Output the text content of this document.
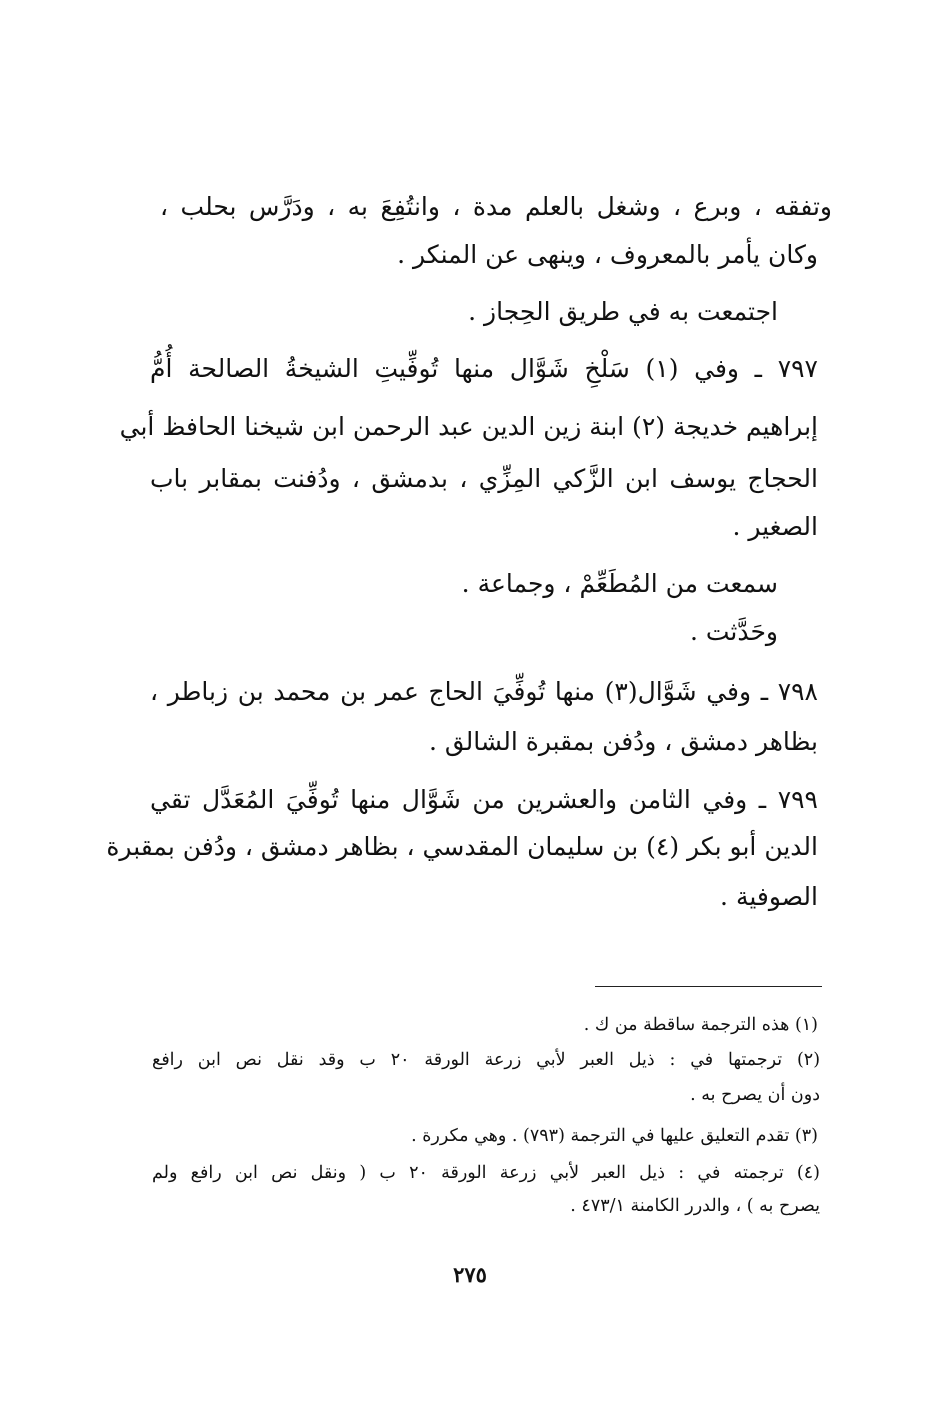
وتفقه ، وبرع ، وشغل بالعلم مدة ، وانتُفِعَ به ، ودَرَّس بحلب ،
وكان يأمر بالمعروف ، وينهى عن المنكر .
اجتمعت به في طريق الحِجاز .
٧٩٧ ـ وفي (١) سَلْخِ شَوَّال منها تُوفِّيتِ الشيخةُ الصالحة أُمُّ
إبراهيم خديجة (٢) ابنة زين الدين عبد الرحمن ابن شيخنا الحافظ أبي
الحجاج يوسف ابن الزَّكي المِزِّي ، بدمشق ، ودُفنت بمقابر باب
الصغير .
سمعت من المُطَعِّمْ ، وجماعة .
وحَدَّثت .
٧٩٨ ـ وفي شَوَّال(٣) منها تُوفِّيَ الحاج عمر بن محمد بن زباطر ،
بظاهر دمشق ، ودُفن بمقبرة الشالق .
٧٩٩ ـ وفي الثامن والعشرين من شَوَّال منها تُوفِّيَ المُعَدَّل تقي
الدين أبو بكر (٤) بن سليمان المقدسي ، بظاهر دمشق ، ودُفن بمقبرة
الصوفية .
(١) هذه الترجمة ساقطة من ك .
(٢) ترجمتها في : ذيل العبر لأبي زرعة الورقة ٢٠ ب وقد نقل نص ابن رافع
دون أن يصرح به .
(٣) تقدم التعليق عليها في الترجمة (٧٩٣) . وهي مكررة .
(٤) ترجمته في : ذيل العبر لأبي زرعة الورقة ٢٠ ب ( ونقل نص ابن رافع ولم
يصرح به ) ، والدرر الكامنة ٤٧٣/١ .
٢٧٥
